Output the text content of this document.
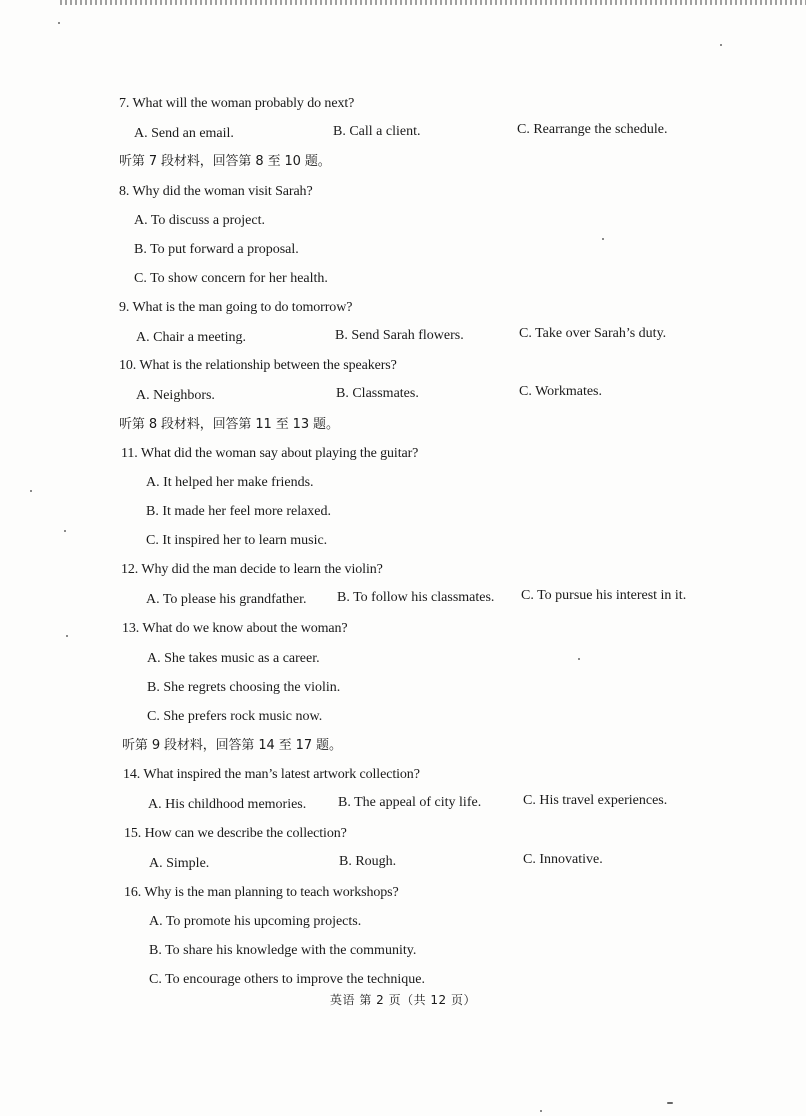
7. What will the woman probably do next?
A. Send an email.	B. Call a client.	C. Rearrange the schedule.
听第 7 段材料，回答第 8 至 10 题。
8. Why did the woman visit Sarah?
A. To discuss a project.
B. To put forward a proposal.
C. To show concern for her health.
9. What is the man going to do tomorrow?
A. Chair a meeting.	B. Send Sarah flowers.	C. Take over Sarah’s duty.
10. What is the relationship between the speakers?
A. Neighbors.	B. Classmates.	C. Workmates.
听第 8 段材料，回答第 11 至 13 题。
11. What did the woman say about playing the guitar?
A. It helped her make friends.
B. It made her feel more relaxed.
C. It inspired her to learn music.
12. Why did the man decide to learn the violin?
A. To please his grandfather. B. To follow his classmates. C. To pursue his interest in it.
13. What do we know about the woman?
A. She takes music as a career.
B. She regrets choosing the violin.
C. She prefers rock music now.
听第 9 段材料，回答第 14 至 17 题。
14. What inspired the man’s latest artwork collection?
A. His childhood memories. B. The appeal of city life.	C. His travel experiences.
15. How can we describe the collection?
A. Simple.	B. Rough.	C. Innovative.
16. Why is the man planning to teach workshops?
A. To promote his upcoming projects.
B. To share his knowledge with the community.
C. To encourage others to improve the technique.
英语 第 2 页（共 12 页）
